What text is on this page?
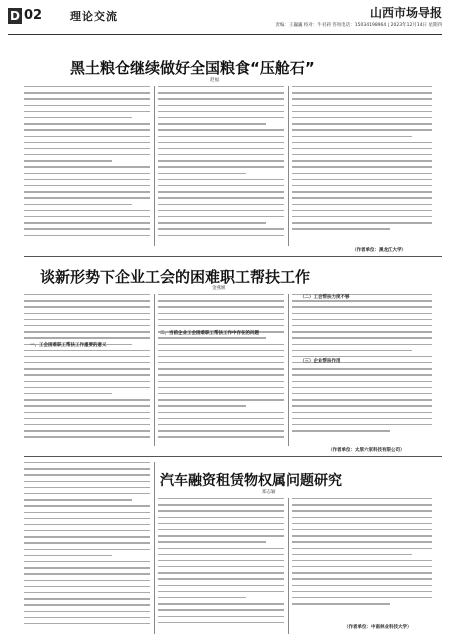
D 02	理论交流	山西市场导报
责编：王巍巍 校对：牛君莉 咨询电话：15034198964 | 2023年12月14日 星期四
黑土粮仓继续做好全国粮食“压舱石”
赵福
（作者单位：黑龙江大学）
谈新形势下企业工会的困难职工帮扶工作
金燕姬
一、工会困难职工帮扶工作重要的意义
二、当前企业工会困难职工帮扶工作中存在的问题
（二）工会帮扶力度不够
（三）企业帮扶作用
（作者单位：太原六家科技有限公司）
汽车融资租赁物权属问题研究
郑志颖
（作者单位：中南林业科技大学）
